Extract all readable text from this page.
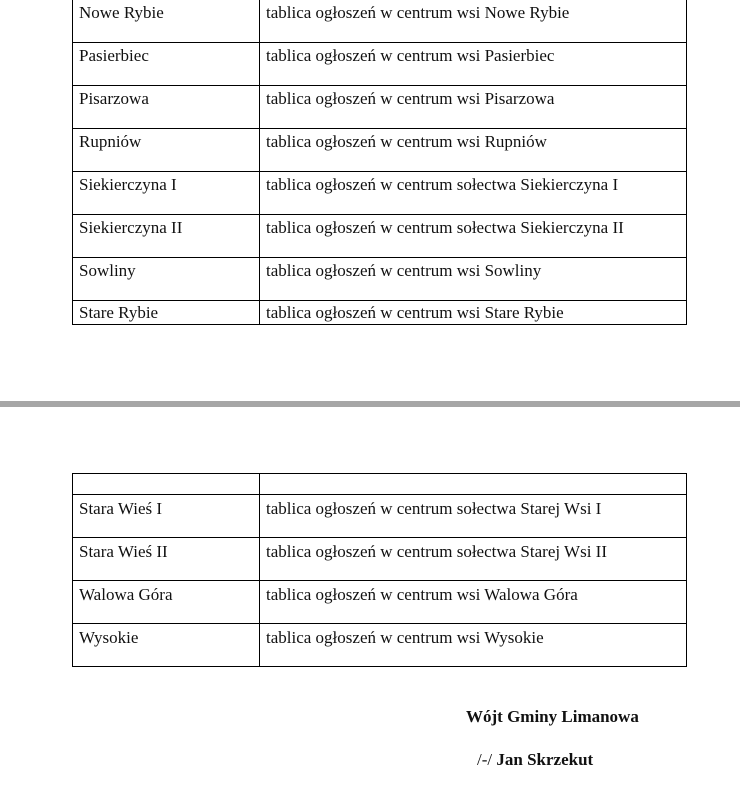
Nowe Rybie	tablica ogłoszeń w centrum wsi Nowe Rybie
Pasierbiec	tablica ogłoszeń w centrum wsi Pasierbiec
Pisarzowa	tablica ogłoszeń w centrum wsi Pisarzowa
Rupniów	tablica ogłoszeń w centrum wsi Rupniów
Siekierczyna I	tablica ogłoszeń w centrum sołectwa Siekierczyna I
Siekierczyna II	tablica ogłoszeń w centrum sołectwa Siekierczyna II
Sowliny	tablica ogłoszeń w centrum wsi Sowliny
Stare Rybie	tablica ogłoszeń w centrum wsi Stare Rybie

Stara Wieś I	tablica ogłoszeń w centrum sołectwa Starej Wsi I
Stara Wieś II	tablica ogłoszeń w centrum sołectwa Starej Wsi II
Walowa Góra	tablica ogłoszeń w centrum wsi Walowa Góra
Wysokie	tablica ogłoszeń w centrum wsi Wysokie
Wójt Gminy Limanowa
/-/ Jan Skrzekut
